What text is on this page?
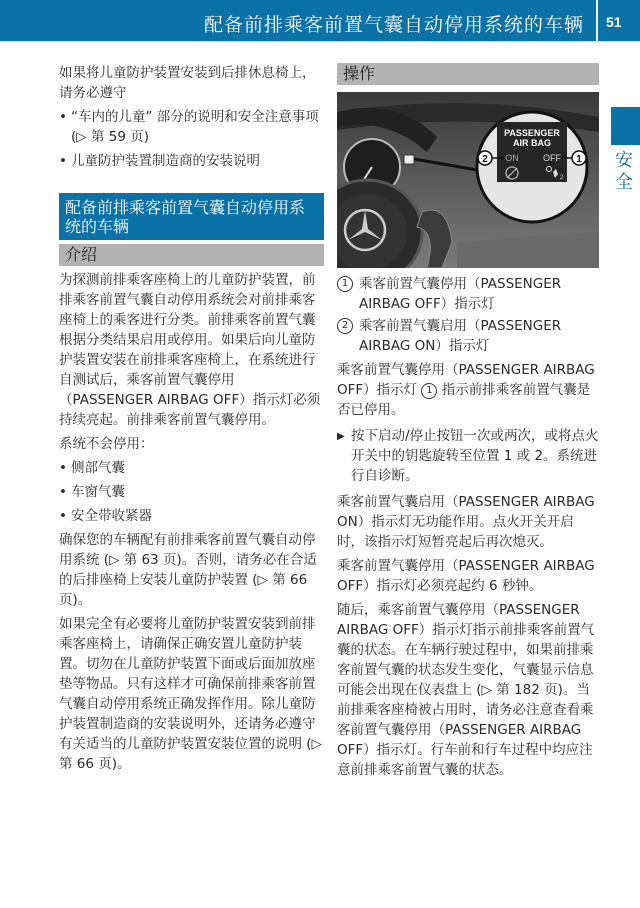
配备前排乘客前置气囊自动停用系统的车辆 51
安
全

如果将儿童防护装置安装到后排休息椅上，请务必遵守

• “车内的儿童” 部分的说明和安全注意事项 (▷ 第 59 页)
• 儿童防护装置制造商的安装说明
配备前排乘客前置气囊自动停用系统的车辆
介绍

为探测前排乘客座椅上的儿童防护装置，前排乘客前置气囊自动停用系统会对前排乘客座椅上的乘客进行分类。前排乘客前置气囊根据分类结果启用或停用。如果后向儿童防护装置安装在前排乘客座椅上，在系统进行自测试后，乘客前置气囊停用（PASSENGER AIRBAG OFF）指示灯必须持续亮起。前排乘客前置气囊停用。

系统不会停用：

• 侧部气囊
• 车窗气囊
• 安全带收紧器

确保您的车辆配有前排乘客前置气囊自动停用系统 (▷ 第 63 页)。否则，请务必在合适的后排座椅上安装儿童防护装置 (▷ 第 66 页)。

如果完全有必要将儿童防护装置安装到前排乘客座椅上，请确保正确安置儿童防护装置。切勿在儿童防护装置下面或后面加放座垫等物品。只有这样才可确保前排乘客前置气囊自动停用系统正确发挥作用。除儿童防护装置制造商的安装说明外，还请务必遵守有关适当的儿童防护装置安装位置的说明 (▷ 第 66 页)。

操作
PASSENGER
AIR BAG
ON	OFF
2
2	1
1 乘客前置气囊停用（PASSENGER AIRBAG OFF）指示灯
2 乘客前置气囊启用（PASSENGER AIRBAG ON）指示灯

乘客前置气囊停用（PASSENGER AIRBAG OFF）指示灯 1 指示前排乘客前置气囊是否已停用。

▶ 按下启动/停止按钮一次或两次，或将点火开关中的钥匙旋转至位置 1 或 2。系统进行自诊断。

乘客前置气囊启用（PASSENGER AIRBAG ON）指示灯无功能作用。点火开关开启时，该指示灯短暂亮起后再次熄灭。

乘客前置气囊停用（PASSENGER AIRBAG OFF）指示灯必须亮起约 6 秒钟。

随后，乘客前置气囊停用（PASSENGER AIRBAG OFF）指示灯指示前排乘客前置气囊的状态。在车辆行驶过程中，如果前排乘客前置气囊的状态发生变化，气囊显示信息可能会出现在仪表盘上 (▷ 第 182 页)。当前排乘客座椅被占用时，请务必注意查看乘客前置气囊停用（PASSENGER AIRBAG OFF）指示灯。行车前和行车过程中均应注意前排乘客前置气囊的状态。
